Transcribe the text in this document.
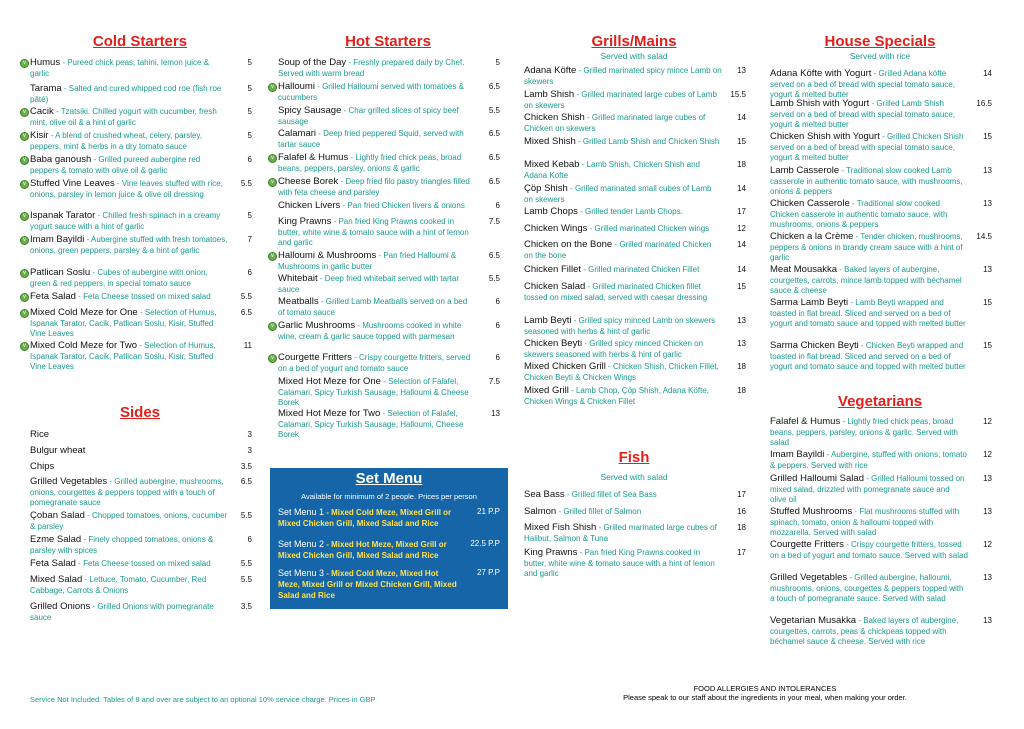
Cold Starters
Sides
Hot Starters	Grills/Mains
Served with salad
Fish
Served with salad
House Specials
Served with rice
Vegetarians
v Humus - Pureed chick peas, tahini, lemon juice & garlic
5
Tarama - Salted and cured whipped cod roe (fish roe pâté)
5
v Cacik - Tzatsiki. Chilled yogurt with cucumber, fresh mint, olive oil & a hint of garlic
5
v Kisir - A blend of crushed wheat, celery, parsley, peppers, mint & herbs in a dry tomato sauce
5
v Baba ganoush - Grilled pureed aubergine red peppers & tomato with olive oil & garlic
6
v Stuffed Vine Leaves - Vine leaves stuffed with rice, onions, parsley in lemon juice & olive oil dressing
5.5
v Ispanak Tarator - Chilled fresh spinach in a creamy yogurt sauce with a hint of garlic
5
v Imam Bayildi - Aubergine stuffed with fresh tomatoes, onions, green peppers, parsley & a hint of garlic
7
v Patlican Soslu - Cubes of aubergine with onion, green & red peppers, in special tomato sauce
6
v Feta Salad - Feta Cheese tossed on mixed salad	5.5
v Mixed Cold Meze for One - Selection of Humus, Ispanak Tarator, Cacik, Patlican Soslu, Kisir, Stuffed Vine Leaves
6.5
v Mixed Cold Meze for Two - Selection of Humus, Ispanak Tarator, Cacik, Patlican Soslu, Kisir, Stuffed Vine Leaves
11
Rice	3
Bulgur wheat	3
Chips	3.5
Grilled Vegetables - Grilled aubergine, mushrooms, onions, courgettes & peppers topped with a touch of pomegranate sauce
6.5
Çoban Salad - Chopped tomatoes, onions, cucumber & parsley
5.5
Ezme Salad - Finely chopped tomatoes, onions & parsley with spices
6
Feta Salad - Feta Cheese tossed on mixed salad	5.5
Mixed Salad - Lettuce, Tomato, Cucumber, Red Cabbage, Carrots & Onions
5.5
Grilled Onions - Grilled Onions with pomegranate sauce
3.5
Soup of the Day - Freshly prepared daily by Chef. Served with warm bread
5
v Halloumi - Grilled Halloumi served with tomatoes & cucumbers
6.5
Spicy Sausage - Char grilled slices of spicy beef sausage
5.5
Calamari - Deep fried peppered Squid, served with tartar sauce
6.5
v Falafel & Humus - Lightly fried chick peas, broad beans, peppers, parsley, onions & garlic
6.5
v Cheese Borek - Deep fried filo pastry triangles filled with feta cheese and parsley
6.5
Chicken Livers - Pan fried Chicken livers & onions	6
King Prawns - Pan fried King Prawns cooked in butter, white wine & tomato sauce with a hint of lemon and garlic
7.5
v Halloumi & Mushrooms - Pan fried Halloumi & Mushrooms in garlic butter
6.5
Whitebait - Deep fried whitebait served with tartar sauce
5.5
Meatballs - Grilled Lamb Meatballs served on a bed of tomato sauce
6
v Garlic Mushrooms - Mushrooms cooked in white wine, cream & garlic sauce topped with parmesan
6
v Courgette Fritters - Crispy courgette fritters, served on a bed of yogurt and tomato sauce
6
Mixed Hot Meze for One - Selection of Falafel, Calamari, Spicy Turkish Sausage, Halloumi & Cheese Borek
7.5
Mixed Hot Meze for Two - Selection of Falafel, Calamari, Spicy Turkish Sausage, Halloumi, Cheese Borek
13
Adana Köfte - Grilled marinated spicy mince Lamb on skewers
13
Lamb Shish - Grilled marinated large cubes of Lamb on skewers
15.5
Chicken Shish - Grilled marinated large cubes of Chicken on skewers
14
Mixed Shish - Grilled Lamb Shish and Chicken Shish	15
Mixed Kebab - Lamb Shish, Chicken Shish and Adana Kofte
18
Çöp Shish - Grilled marinated small cubes of Lamb on skewers
14
Lamb Chops - Grilled tender Lamb Chops.	17
Chicken Wings - Grilled marinated Chicken wings	12
Chicken on the Bone - Grilled marinated Chicken on the bone
14
Chicken Fillet - Grilled marinated Chicken Fillet	14
Chicken Salad - Grilled marinated Chicken fillet tossed on mixed salad, served with caesar dressing
15
Lamb Beyti - Grilled spicy minced Lamb on skewers seasoned with herbs & hint of garlic
13
Chicken Beyti - Grilled spicy minced Chicken on skewers seasoned with herbs & hint of garlic
13
Mixed Chicken Grill - Chicken Shish, Chicken Fillet, Chicken Beyti & Chicken Wings
18
Mixed Grill - Lamb Chop, Çöp Shish, Adana Köfte, Chicken Wings & Chicken Fillet
18
Sea Bass - Grilled fillet of Sea Bass	17
Salmon - Grilled fillet of Salmon	16
Mixed Fish Shish - Grilled marinated large cubes of Halibut, Salmon & Tuna
18
King Prawns - Pan fried King Prawns cooked in butter, white wine & tomato sauce with a hint of lemon and garlic
17
Adana Köfte with Yogurt - Grilled Adana köfte served on a bed of bread with special tomato sauce, yogurt & melted butter
14
Lamb Shish with Yogurt - Grilled Lamb Shish served on a bed of bread with special tomato sauce, yogurt & melted butter
16.5
Chicken Shish with Yogurt - Grilled Chicken Shish served on a bed of bread with special tomato sauce, yogurt & melted butter
15
Lamb Casserole - Traditional slow cooked Lamb casserole in authentic tomato sauce, with mushrooms, onions & peppers
13
Chicken Casserole - Traditional slow cooked Chicken casserole in authentic tomato sauce, with mushrooms, onions & peppers
13
Chicken a la Crème - Tender chicken, mushrooms, peppers & onions in brandy cream sauce with a hint of garlic
14.5
Meat Mousakka - Baked layers of aubergine, courgettes, carrots, mince lamb topped with béchamel sauce & cheese
13
Sarma Lamb Beyti - Lamb Beyti wrapped and toasted in flat bread. Sliced and served on a bed of yogurt and tomato sauce and topped with melted butter
15
Sarma Chicken Beyti - Chicken Beyti wrapped and toasted in flat bread. Sliced and served on a bed of yogurt and tomato sauce and topped with melted butter
15
Falafel & Humus - Lightly fried chick peas, broad beans, peppers, parsley, onions & garlic. Served with salad
12
Imam Bayildi - Aubergine, stuffed with onions, tomato & peppers. Served with rice
12
Grilled Halloumi Salad - Grilled Halloumi tossed on mixed salad, drizzled with pomegranate sauce and olive oil
13
Stuffed Mushrooms - Flat mushrooms stuffed with spinach, tomato, onion & halloumi topped with mozzarella. Served with salad
13
Courgette Fritters - Crispy courgette fritters, tossed on a bed of yogurt and tomato sauce. Served with salad
12
Grilled Vegetables - Grilled aubergine, halloumi, mushrooms, onions, courgettes & peppers topped with a touch of pomegranate sauce. Served with salad
13
Vegetarian Musakka - Baked layers of aubergine, courgettes, carrots, peas & chickpeas topped with béchamel sauce & cheese. Served with rice
13
Set Menu
Available for minimum of 2 people. Prices per person
Set Menu 1 - Mixed Cold Meze, Mixed Grill or Mixed Chicken Grill, Mixed Salad and Rice
21 P.P
Set Menu 2 - Mixed Hot Meze, Mixed Grill or Mixed Chicken Grill, Mixed Salad and Rice
22.5 P.P
Set Menu 3 - Mixed Cold Meze, Mixed Hot Meze, Mixed Grill or Mixed Chicken Grill, Mixed Salad and Rice
27 P.P
Service Not Included. Tables of 8 and over are subject to an optional 10% service charge. Prices in GBP
FOOD ALLERGIES AND INTOLERANCES
Please speak to our staff about the ingredients in your meal, when making your order.
